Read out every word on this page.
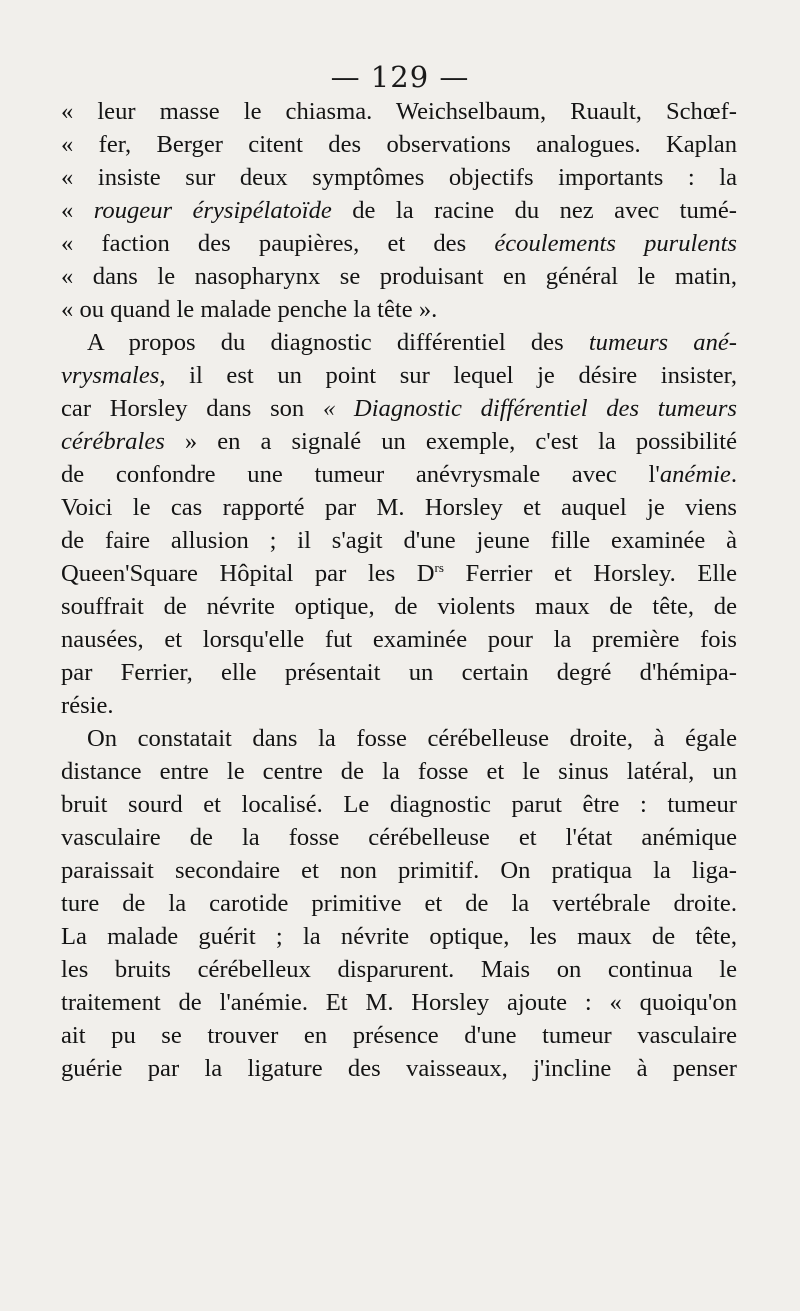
— 129 —
« leur masse le chiasma. Weichselbaum, Ruault, Schœf-
« fer, Berger citent des observations analogues. Kaplan
« insiste sur deux symptômes objectifs importants : la
« rougeur érysipélatoïde de la racine du nez avec tumé-
« faction des paupières, et des écoulements purulents
« dans le nasopharynx se produisant en général le matin,
« ou quand le malade penche la tête ».
A propos du diagnostic différentiel des tumeurs ané-
vrysmales, il est un point sur lequel je désire insister,
car Horsley dans son « Diagnostic différentiel des tumeurs
cérébrales » en a signalé un exemple, c'est la possibilité
de confondre une tumeur anévrysmale avec l'anémie.
Voici le cas rapporté par M. Horsley et auquel je viens
de faire allusion ; il s'agit d'une jeune fille examinée à
Queen'Square Hôpital par les $D^{rs}$ Ferrier et Horsley. Elle
souffrait de névrite optique, de violents maux de tête, de
nausées, et lorsqu'elle fut examinée pour la première fois
par Ferrier, elle présentait un certain degré d'hémipa-
résie.
On constatait dans la fosse cérébelleuse droite, à égale
distance entre le centre de la fosse et le sinus latéral, un
bruit sourd et localisé. Le diagnostic parut être : tumeur
vasculaire de la fosse cérébelleuse et l'état anémique
paraissait secondaire et non primitif. On pratiqua la liga-
ture de la carotide primitive et de la vertébrale droite.
La malade guérit ; la névrite optique, les maux de tête,
les bruits cérébelleux disparurent. Mais on continua le
traitement de l'anémie. Et M. Horsley ajoute : « quoiqu'on
ait pu se trouver en présence d'une tumeur vasculaire
guérie par la ligature des vaisseaux, j'incline à penser
